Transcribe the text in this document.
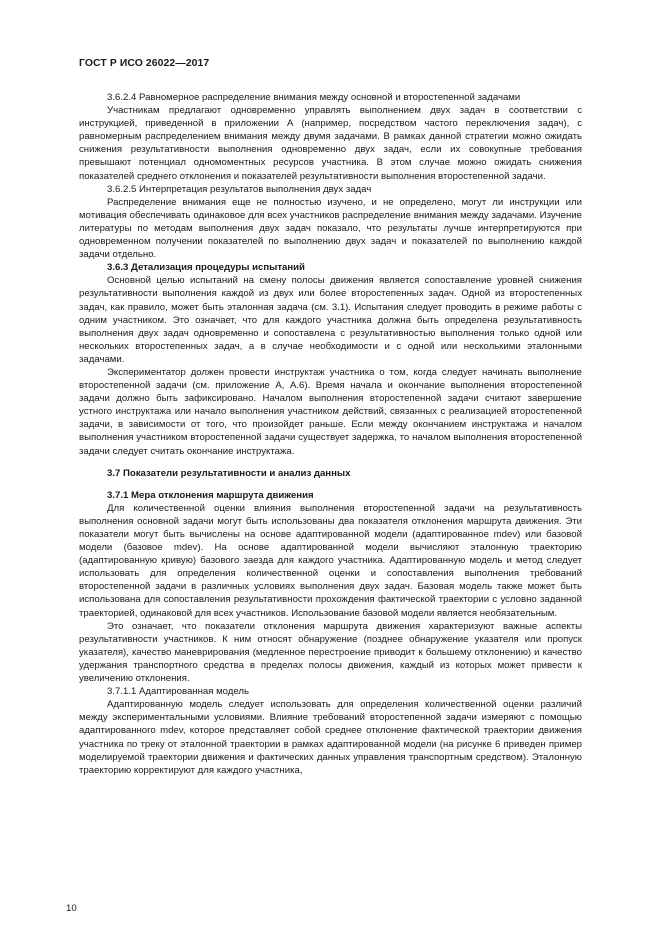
ГОСТ Р ИСО 26022—2017

3.6.2.4 Равномерное распределение внимания между основной и второстепенной задачами

Участникам предлагают одновременно управлять выполнением двух задач в соответствии с инструкцией, приведенной в приложении А (например, посредством частого переключения задач), с равномерным распределением внимания между двумя задачами. В рамках данной стратегии можно ожидать снижения результативности выполнения одновременно двух задач, если их совокупные требования превышают потенциал одномоментных ресурсов участника. В этом случае можно ожидать снижения показателей среднего отклонения и показателей результативности выполнения второстепенной задачи.

3.6.2.5 Интерпретация результатов выполнения двух задач

Распределение внимания еще не полностью изучено, и не определено, могут ли инструкции или мотивация обеспечивать одинаковое для всех участников распределение внимания между задачами. Изучение литературы по методам выполнения двух задач показало, что результаты лучше интерпретируются при одновременном получении показателей по выполнению двух задач и показателей по выполнению каждой задачи отдельно.

3.6.3 Детализация процедуры испытаний

Основной целью испытаний на смену полосы движения является сопоставление уровней снижения результативности выполнения каждой из двух или более второстепенных задач. Одной из второстепенных задач, как правило, может быть эталонная задача (см. 3.1). Испытания следует проводить в режиме работы с одним участником. Это означает, что для каждого участника должна быть определена результативность выполнения двух задач одновременно и сопоставлена с результативностью выполнения только одной или нескольких второстепенных задач, а в случае необходимости и с одной или несколькими эталонными задачами.

Экспериментатор должен провести инструктаж участника о том, когда следует начинать выполнение второстепенной задачи (см. приложение А, А.6). Время начала и окончание выполнения второстепенной задачи должно быть зафиксировано. Началом выполнения второстепенной задачи считают завершение устного инструктажа или начало выполнения участником действий, связанных с реализацией второстепенной задачи, в зависимости от того, что произойдет раньше. Если между окончанием инструктажа и началом выполнения участником второстепенной задачи существует задержка, то началом выполнения второстепенной задачи следует считать окончание инструктажа.

3.7 Показатели результативности и анализ данных

3.7.1 Мера отклонения маршрута движения

Для количественной оценки влияния выполнения второстепенной задачи на результативность выполнения основной задачи могут быть использованы два показателя отклонения маршрута движения. Эти показатели могут быть вычислены на основе адаптированной модели (адаптированное mdev) или базовой модели (базовое mdev). На основе адаптированной модели вычисляют эталонную траекторию (адаптированную кривую) базового заезда для каждого участника. Адаптированную модель и метод следует использовать для определения количественной оценки и сопоставления выполнения требований второстепенной задачи в различных условиях выполнения двух задач. Базовая модель также может быть использована для сопоставления результативности прохождения фактической траектории с условно заданной траекторией, одинаковой для всех участников. Использование базовой модели является необязательным.

Это означает, что показатели отклонения маршрута движения характеризуют важные аспекты результативности участников. К ним относят обнаружение (позднее обнаружение указателя или пропуск указателя), качество маневрирования (медленное перестроение приводит к большему отклонению) и качество удержания транспортного средства в пределах полосы движения, каждый из которых может привести к увеличению отклонения.

3.7.1.1 Адаптированная модель

Адаптированную модель следует использовать для определения количественной оценки различий между экспериментальными условиями. Влияние требований второстепенной задачи измеряют с помощью адаптированного mdev, которое представляет собой среднее отклонение фактической траектории движения участника по треку от эталонной траектории в рамках адаптированной модели (на рисунке 6 приведен пример моделируемой траектории движения и фактических данных управления транспортным средством). Эталонную траекторию корректируют для каждого участника,

10
